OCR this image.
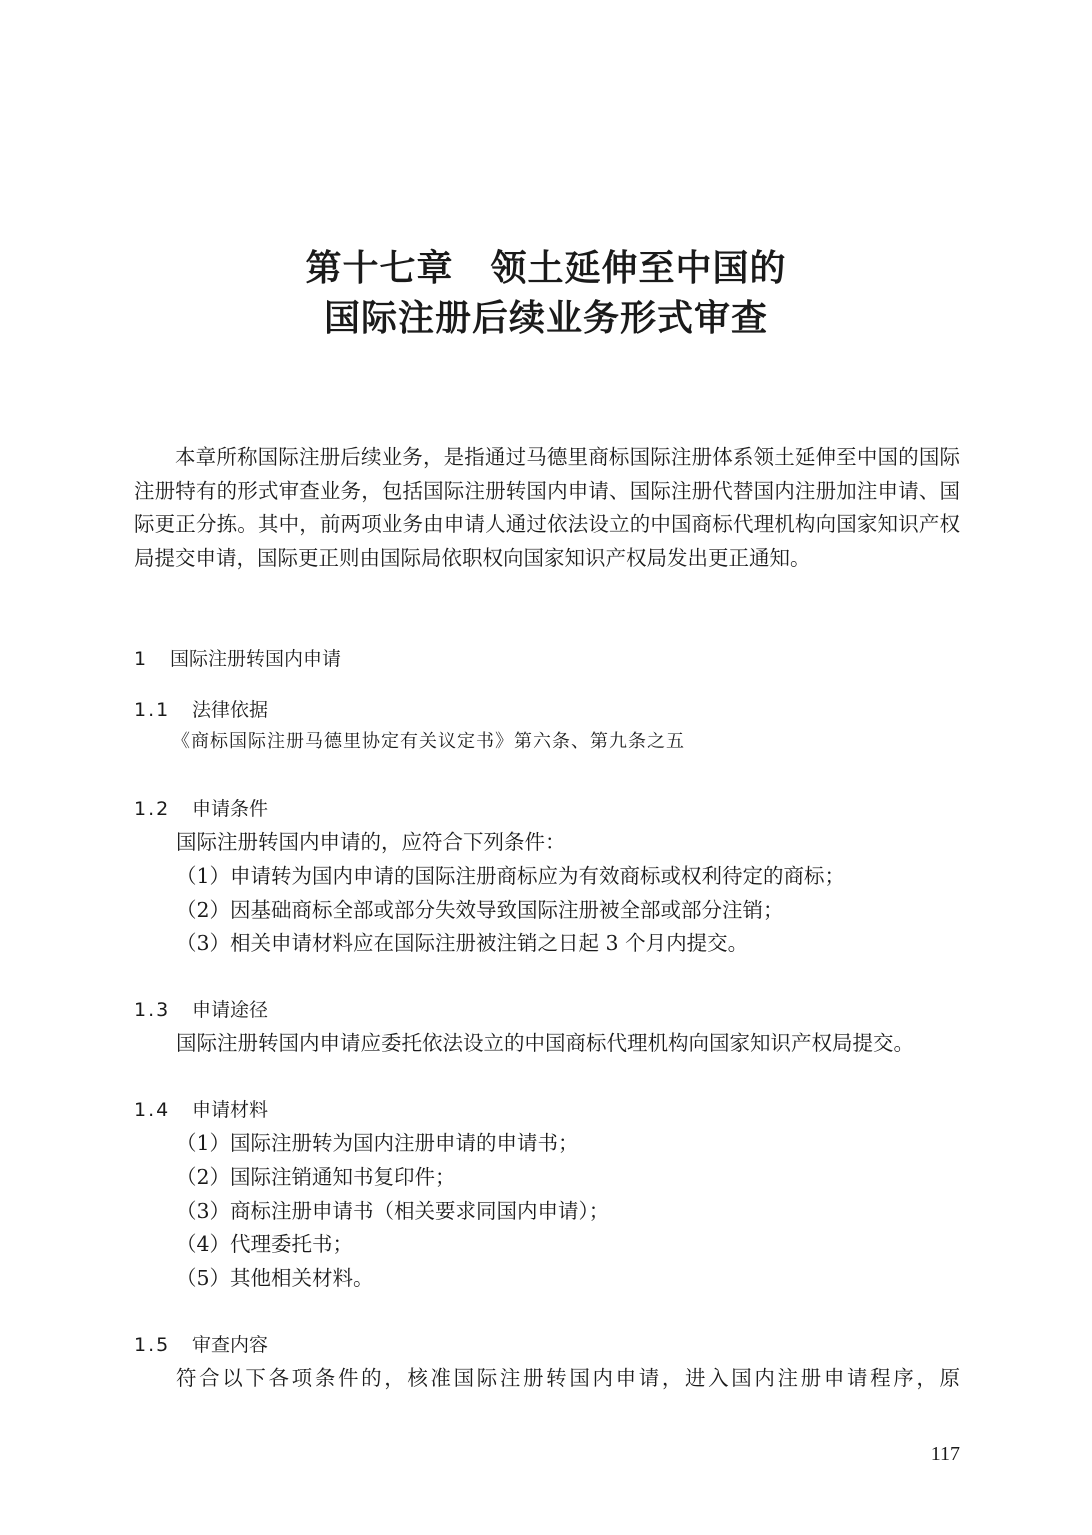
第十七章　领土延伸至中国的
国际注册后续业务形式审查

本章所称国际注册后续业务，是指通过马德里商标国际注册体系领土延伸至中国的国际注册特有的形式审查业务，包括国际注册转国内申请、国际注册代替国内注册加注申请、国际更正分拣。其中，前两项业务由申请人通过依法设立的中国商标代理机构向国家知识产权局提交申请，国际更正则由国际局依职权向国家知识产权局发出更正通知。

1 国际注册转国内申请
1.1 法律依据

《商标国际注册马德里协定有关议定书》第六条、第九条之五

1.2 申请条件

国际注册转国内申请的，应符合下列条件：

（1）申请转为国内申请的国际注册商标应为有效商标或权利待定的商标；

（2）因基础商标全部或部分失效导致国际注册被全部或部分注销；

（3）相关申请材料应在国际注册被注销之日起 3 个月内提交。

1.3 申请途径

国际注册转国内申请应委托依法设立的中国商标代理机构向国家知识产权局提交。

1.4 申请材料

（1）国际注册转为国内注册申请的申请书；

（2）国际注销通知书复印件；

（3）商标注册申请书（相关要求同国内申请）；

（4）代理委托书；

（5）其他相关材料。

1.5 审查内容

符合以下各项条件的，核准国际注册转国内申请，进入国内注册申请程序，原

117
